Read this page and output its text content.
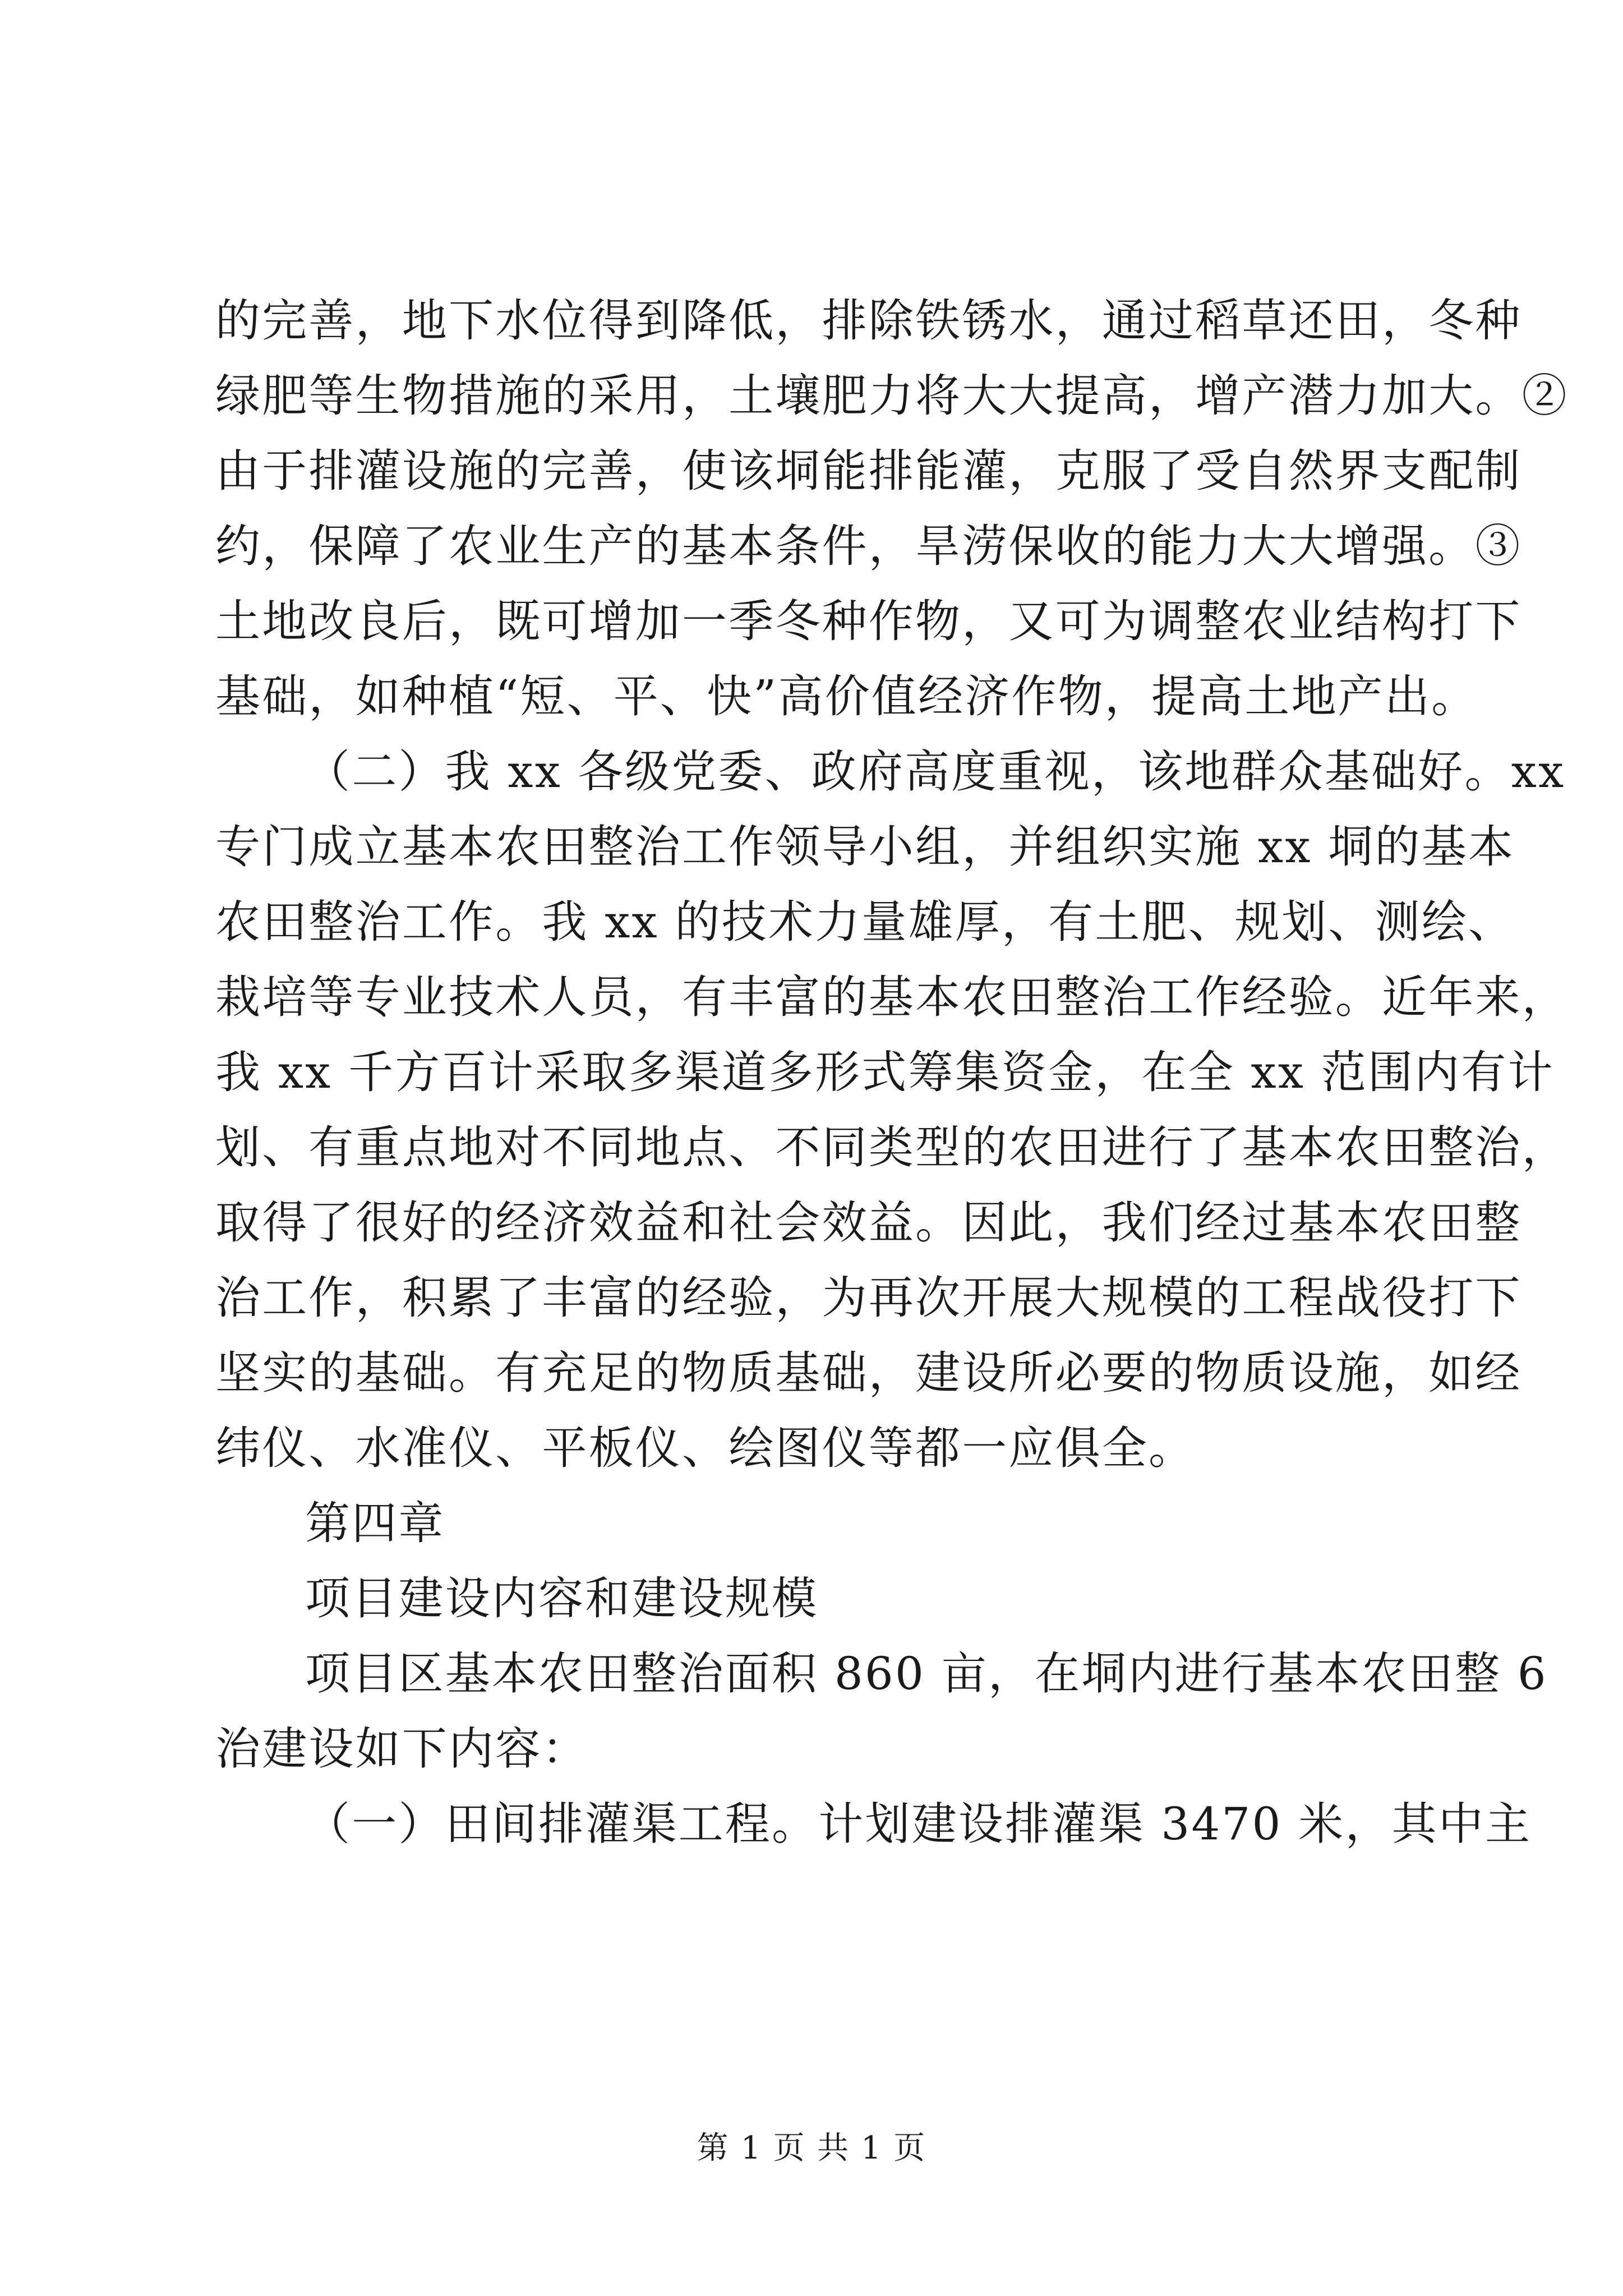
的完善，地下水位得到降低，排除铁锈水，通过稻草还田，冬种
绿肥等生物措施的采用，土壤肥力将大大提高，增产潜力加大。②
由于排灌设施的完善，使该垌能排能灌，克服了受自然界支配制
约，保障了农业生产的基本条件，旱涝保收的能力大大增强。③
土地改良后，既可增加一季冬种作物，又可为调整农业结构打下
基础，如种植“短、平、快”高价值经济作物，提高土地产出。
（二）我 xx 各级党委、政府高度重视，该地群众基础好。xx
专门成立基本农田整治工作领导小组，并组织实施 xx 垌的基本
农田整治工作。我 xx 的技术力量雄厚，有土肥、规划、测绘、
栽培等专业技术人员，有丰富的基本农田整治工作经验。近年来，
我 xx 千方百计采取多渠道多形式筹集资金，在全 xx 范围内有计
划、有重点地对不同地点、不同类型的农田进行了基本农田整治，
取得了很好的经济效益和社会效益。因此，我们经过基本农田整
治工作，积累了丰富的经验，为再次开展大规模的工程战役打下
坚实的基础。有充足的物质基础，建设所必要的物质设施，如经
纬仪、水准仪、平板仪、绘图仪等都一应俱全。
第四章
项目建设内容和建设规模
项目区基本农田整治面积 860 亩，在垌内进行基本农田整 6
治建设如下内容：
（一）田间排灌渠工程。计划建设排灌渠 3470 米，其中主
第 1 页 共 1 页
